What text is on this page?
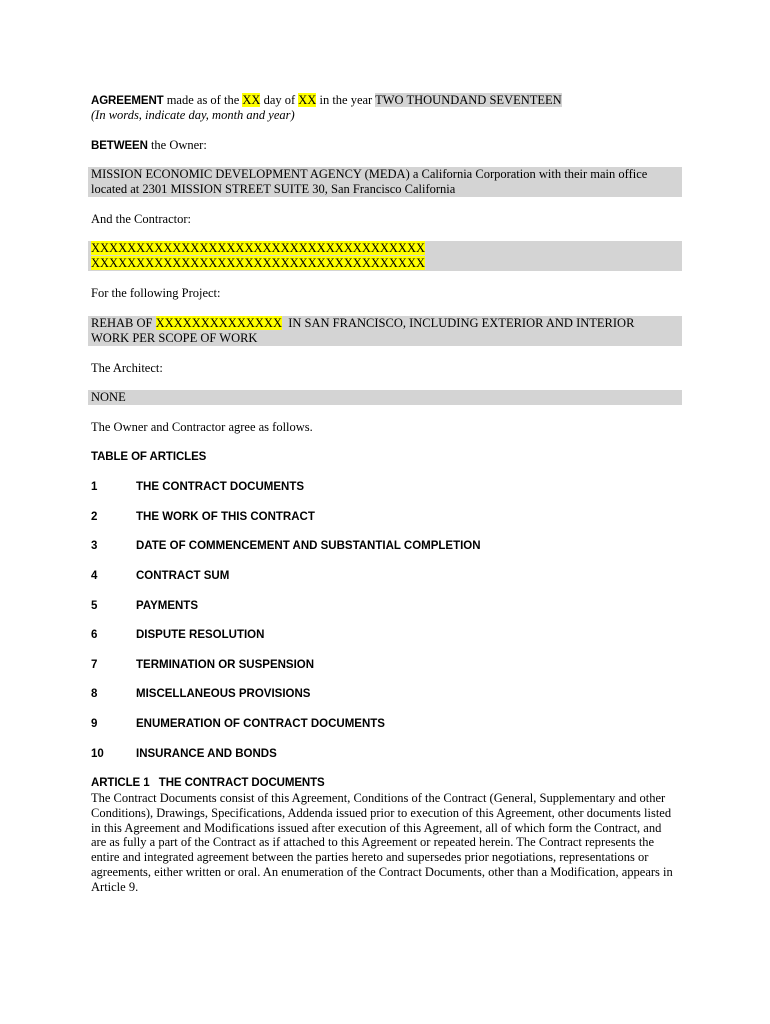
AGREEMENT made as of the XX day of XX in the year TWO THOUNDAND SEVENTEEN
(In words, indicate day, month and year)
BETWEEN the Owner:
MISSION ECONOMIC DEVELOPMENT AGENCY (MEDA) a California Corporation with their main office
located at 2301 MISSION STREET SUITE 30, San Francisco California
And the Contractor:
XXXXXXXXXXXXXXXXXXXXXXXXXXXXXXXXXXXXX
XXXXXXXXXXXXXXXXXXXXXXXXXXXXXXXXXXXXX
For the following Project:
REHAB OF XXXXXXXXXXXXXX  IN SAN FRANCISCO, INCLUDING EXTERIOR AND INTERIOR
WORK PER SCOPE OF WORK
The Architect:
NONE
The Owner and Contractor agree as follows.
TABLE OF ARTICLES
1	THE CONTRACT DOCUMENTS
2	THE WORK OF THIS CONTRACT
3	DATE OF COMMENCEMENT AND SUBSTANTIAL COMPLETION
4	CONTRACT SUM
5	PAYMENTS
6	DISPUTE RESOLUTION
7	TERMINATION OR SUSPENSION
8	MISCELLANEOUS PROVISIONS
9	ENUMERATION OF CONTRACT DOCUMENTS
10	INSURANCE AND BONDS
ARTICLE 1   THE CONTRACT DOCUMENTS
The Contract Documents consist of this Agreement, Conditions of the Contract (General, Supplementary and other
Conditions), Drawings, Specifications, Addenda issued prior to execution of this Agreement, other documents listed
in this Agreement and Modifications issued after execution of this Agreement, all of which form the Contract, and
are as fully a part of the Contract as if attached to this Agreement or repeated herein. The Contract represents the
entire and integrated agreement between the parties hereto and supersedes prior negotiations, representations or
agreements, either written or oral. An enumeration of the Contract Documents, other than a Modification, appears in
Article 9.
